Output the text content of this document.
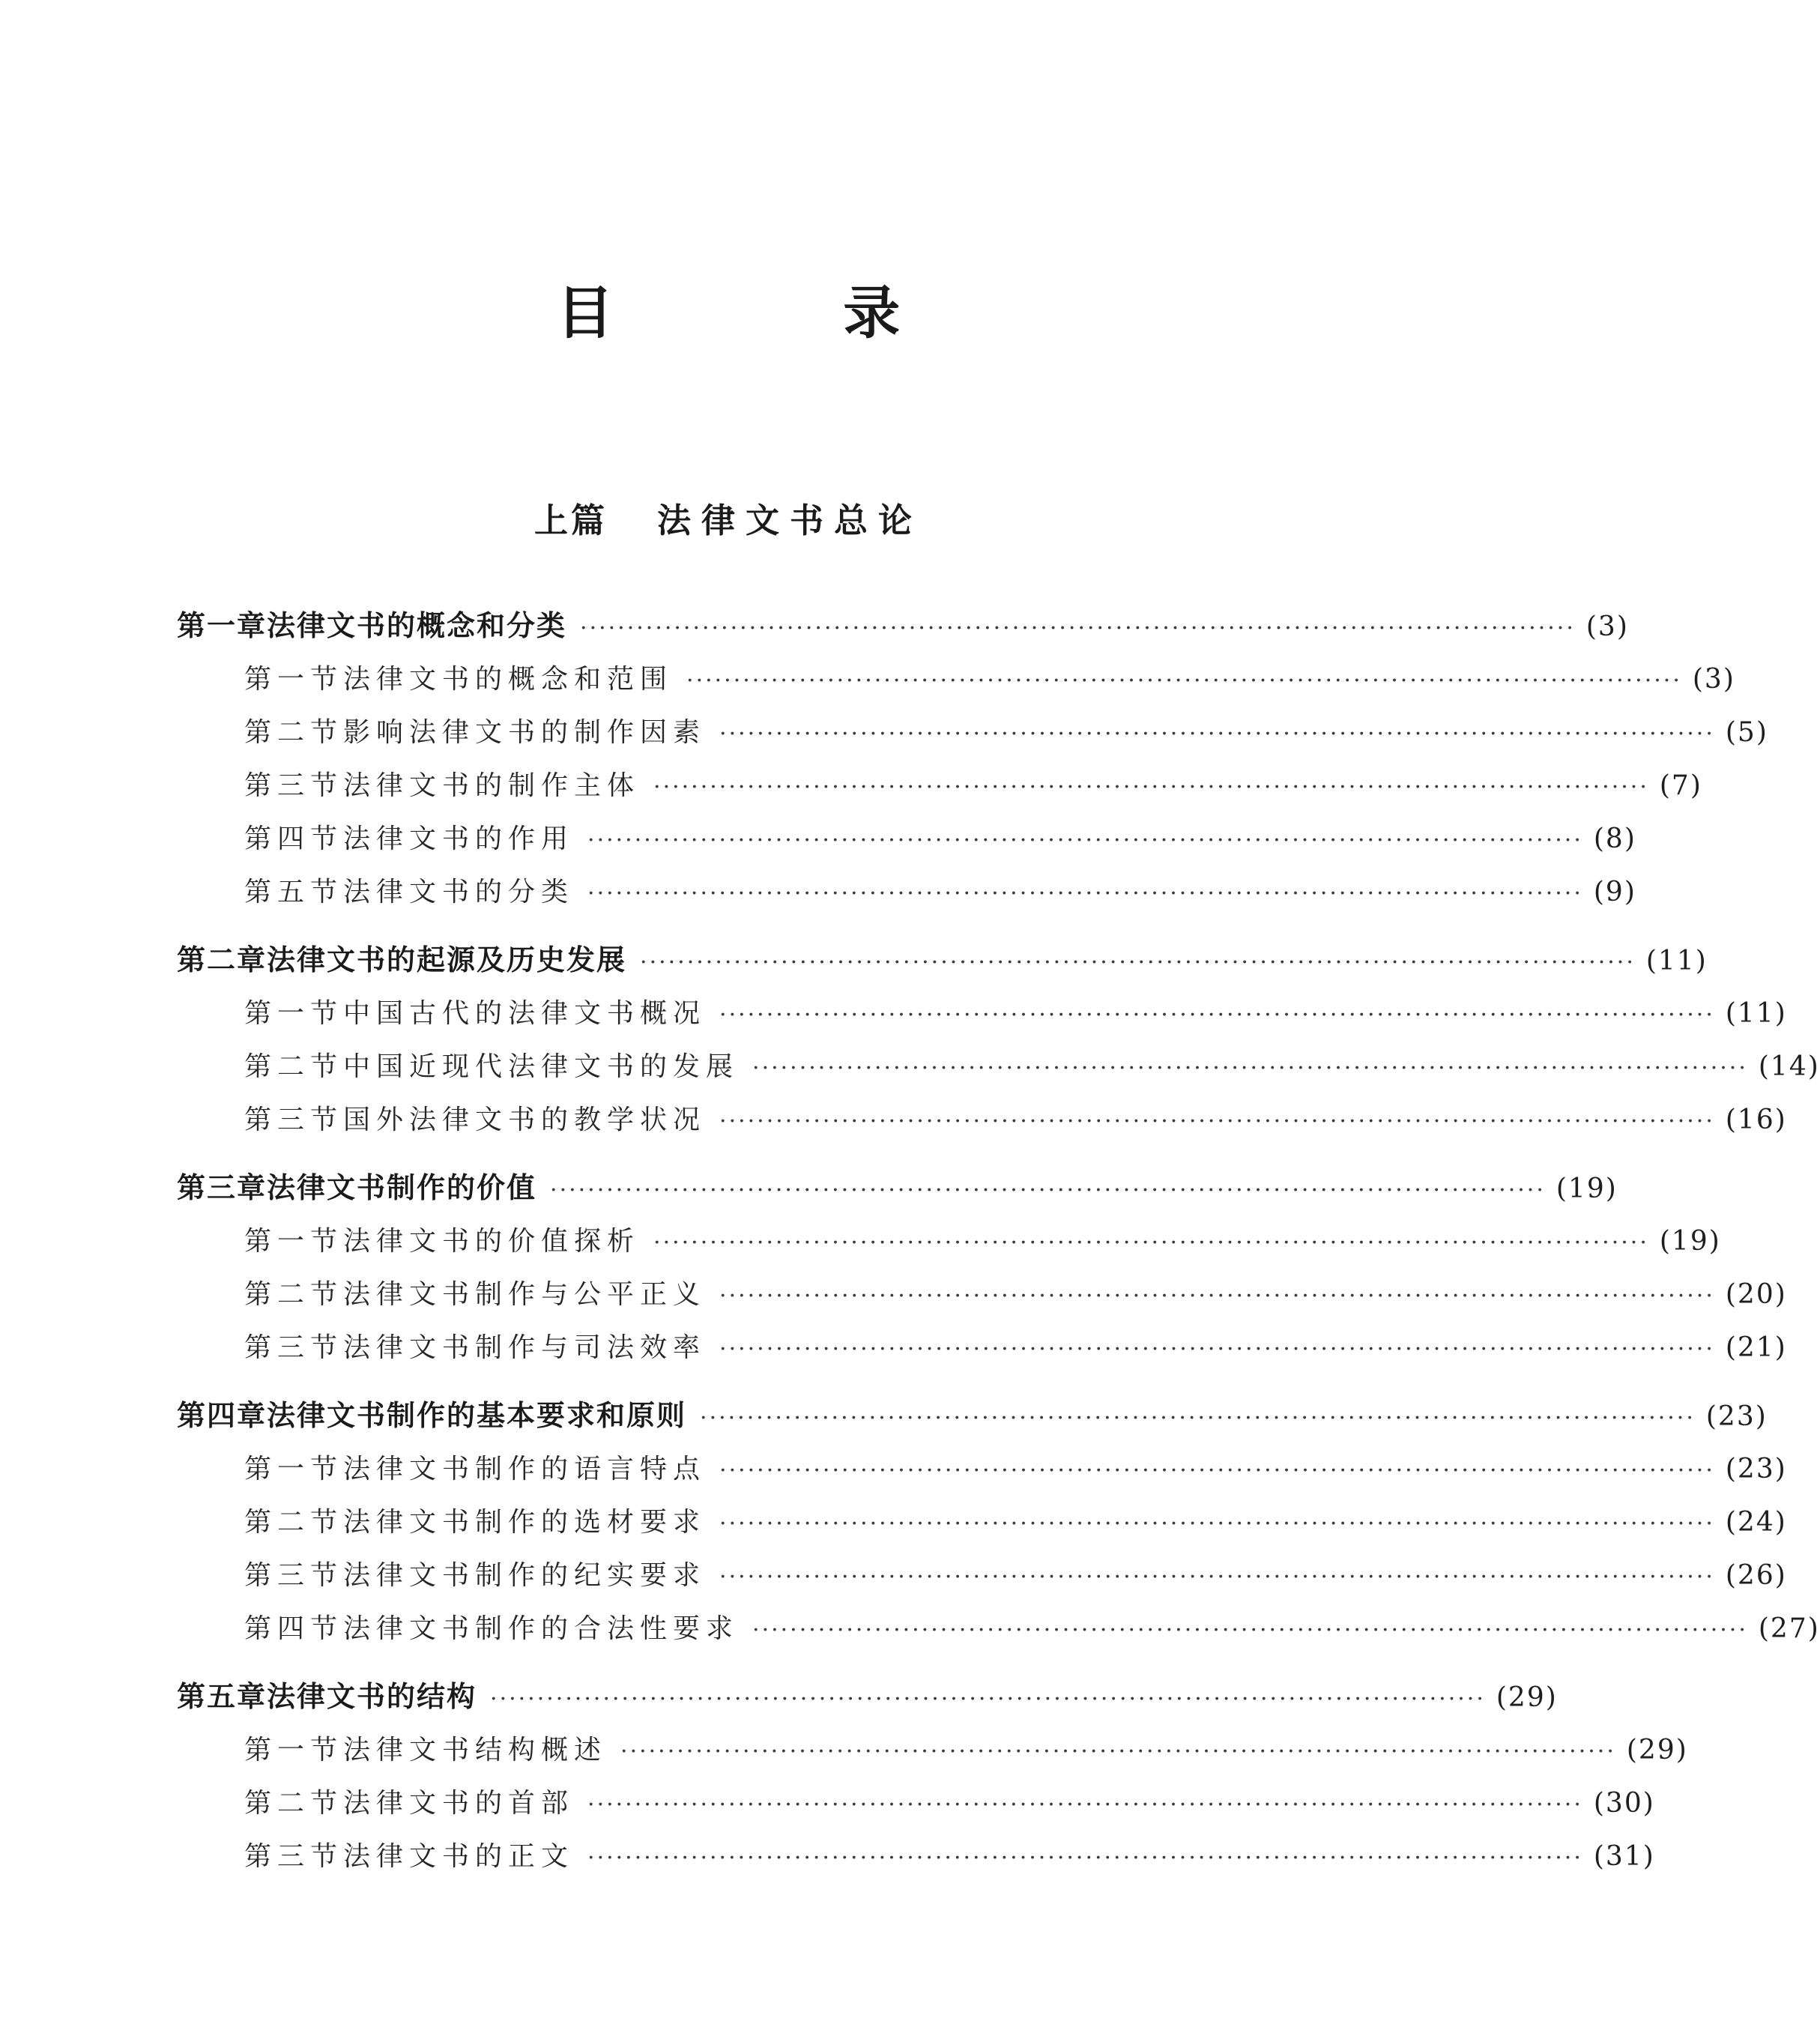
目 录
上篇 法律文书总论
第一章 法律文书的概念和分类 ·········································································································· (3)
第一节 法律文书的概念和范围 ·········································································································· (3)
第二节 影响法律文书的制作因素 ·········································································································· (5)
第三节 法律文书的制作主体 ·········································································································· (7)
第四节 法律文书的作用 ·········································································································· (8)
第五节 法律文书的分类 ·········································································································· (9)
第二章 法律文书的起源及历史发展 ·········································································································· (11)
第一节 中国古代的法律文书概况 ·········································································································· (11)
第二节 中国近现代法律文书的发展 ·········································································································· (14)
第三节 国外法律文书的教学状况 ·········································································································· (16)
第三章 法律文书制作的价值 ·········································································································· (19)
第一节 法律文书的价值探析 ·········································································································· (19)
第二节 法律文书制作与公平正义 ·········································································································· (20)
第三节 法律文书制作与司法效率 ·········································································································· (21)
第四章 法律文书制作的基本要求和原则 ·········································································································· (23)
第一节 法律文书制作的语言特点 ·········································································································· (23)
第二节 法律文书制作的选材要求 ·········································································································· (24)
第三节 法律文书制作的纪实要求 ·········································································································· (26)
第四节 法律文书制作的合法性要求 ·········································································································· (27)
第五章 法律文书的结构 ·········································································································· (29)
第一节 法律文书结构概述 ·········································································································· (29)
第二节 法律文书的首部 ·········································································································· (30)
第三节 法律文书的正文 ·········································································································· (31)
